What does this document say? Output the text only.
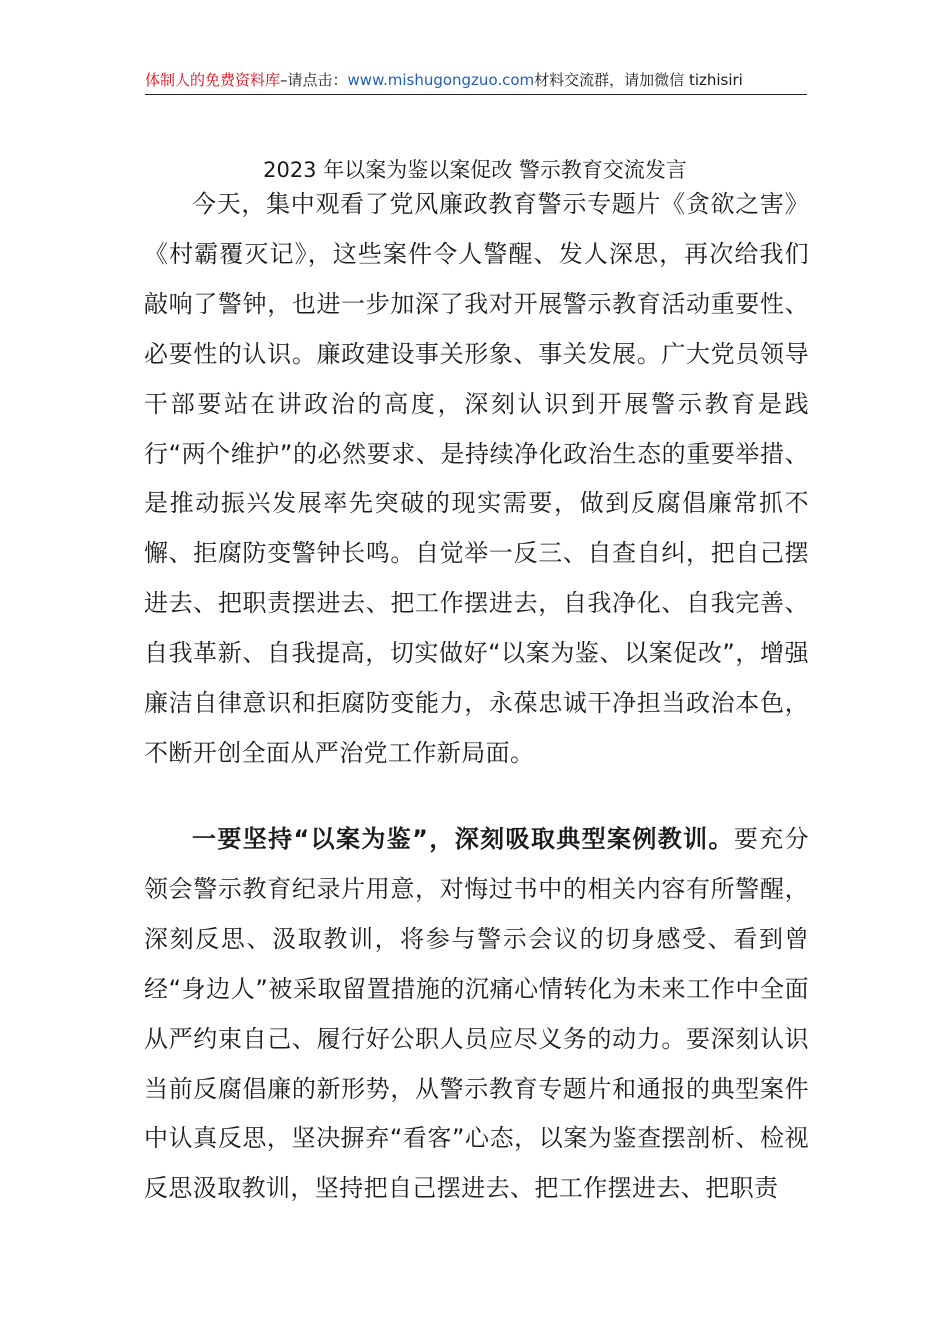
体制人的免费资料库–请点击：www.mishugongzuo.com材料交流群，请加微信 tizhisiri
2023 年以案为鉴以案促改 警示教育交流发言

今天，集中观看了党风廉政教育警示专题片《贪欲之害》《村霸覆灭记》，这些案件令人警醒、发人深思，再次给我们敲响了警钟，也进一步加深了我对开展警示教育活动重要性、必要性的认识。廉政建设事关形象、事关发展。广大党员领导干部要站在讲政治的高度，深刻认识到开展警示教育是践行“两个维护”的必然要求、是持续净化政治生态的重要举措、是推动振兴发展率先突破的现实需要，做到反腐倡廉常抓不懈、拒腐防变警钟长鸣。自觉举一反三、自查自纠，把自己摆进去、把职责摆进去、把工作摆进去，自我净化、自我完善、自我革新、自我提高，切实做好“以案为鉴、以案促改”，增强廉洁自律意识和拒腐防变能力，永葆忠诚干净担当政治本色，不断开创全面从严治党工作新局面。

一要坚持“以案为鉴”，深刻吸取典型案例教训。要充分领会警示教育纪录片用意，对悔过书中的相关内容有所警醒，深刻反思、汲取教训，将参与警示会议的切身感受、看到曾经“身边人”被采取留置措施的沉痛心情转化为未来工作中全面从严约束自己、履行好公职人员应尽义务的动力。要深刻认识当前反腐倡廉的新形势，从警示教育专题片和通报的典型案件中认真反思，坚决摒弃“看客”心态，以案为鉴查摆剖析、检视反思汲取教训，坚持把自己摆进去、把工作摆进去、把职责
